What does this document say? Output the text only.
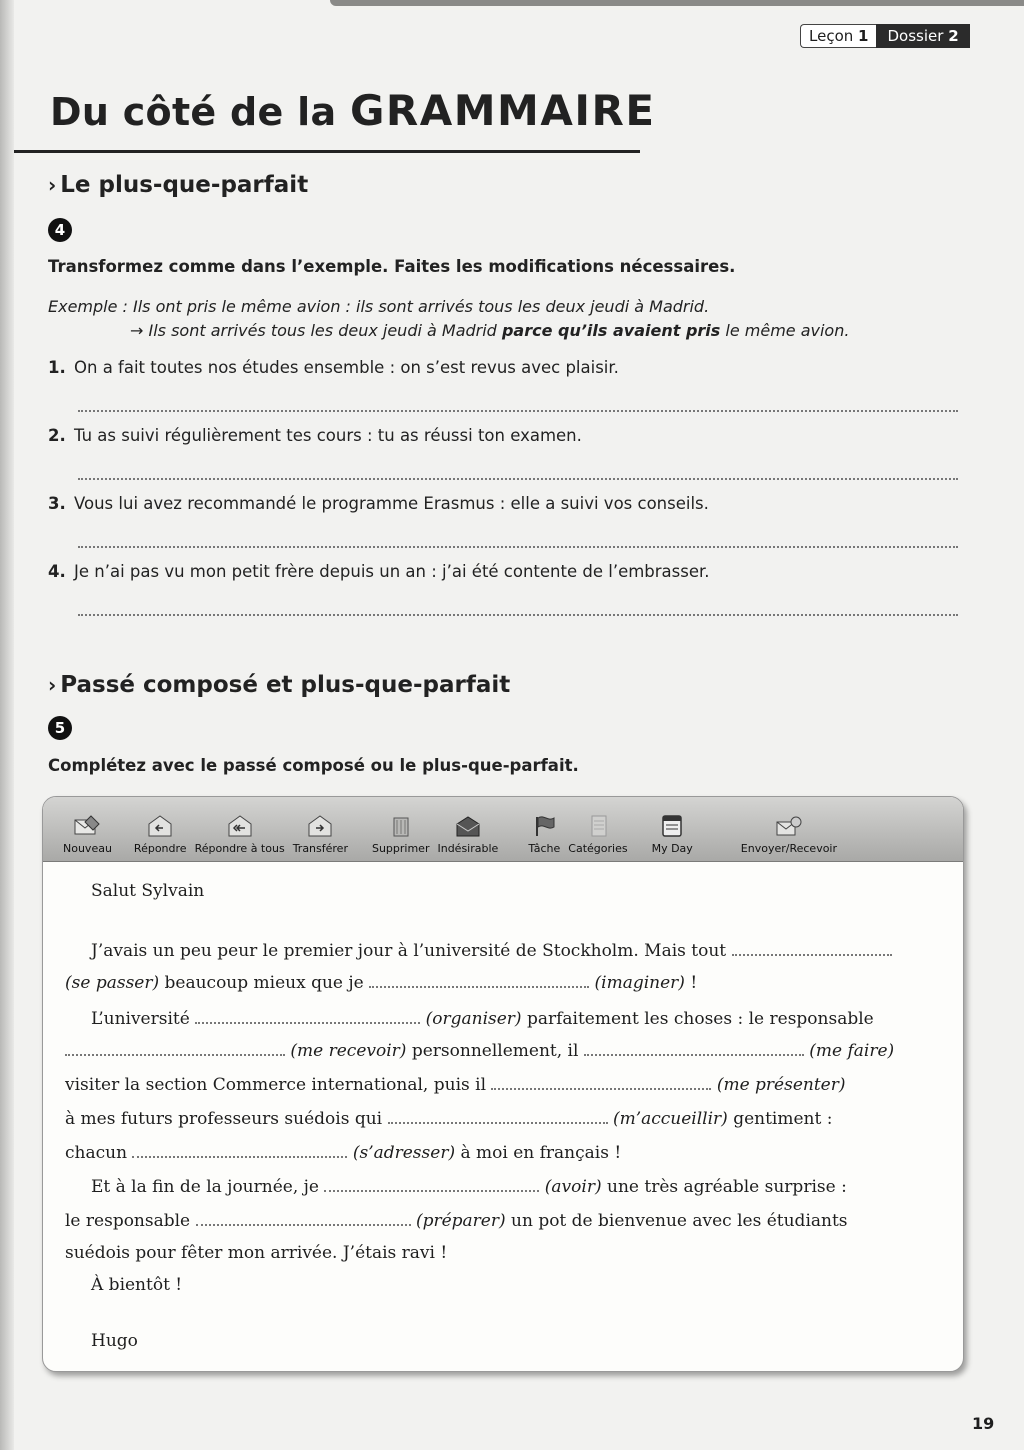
Leçon 1	Dossier 2
Du côté de la GRAMMAIRE
› Le plus-que-parfait
4
Transformez comme dans l’exemple. Faites les modifications nécessaires.
Exemple : Ils ont pris le même avion : ils sont arrivés tous les deux jeudi à Madrid.
→ Ils sont arrivés tous les deux jeudi à Madrid parce qu’ils avaient pris le même avion.
1. On a fait toutes nos études ensemble : on s’est revus avec plaisir.
2. Tu as suivi régulièrement tes cours : tu as réussi ton examen.
3. Vous lui avez recommandé le programme Erasmus : elle a suivi vos conseils.
4. Je n’ai pas vu mon petit frère depuis un an : j’ai été contente de l’embrasser.
› Passé composé et plus-que-parfait
5
Complétez avec le passé composé ou le plus-que-parfait.
Nouveau Répondre Répondre à tous Transférer Supprimer Indésirable	Tâche Catégories My Day	Envoyer/Recevoir
Salut Sylvain
J’avais un peu peur le premier jour à l’université de Stockholm. Mais tout
(se passer) beaucoup mieux que je	(imaginer) !
L’université	(organiser) parfaitement les choses : le responsable
(me recevoir) personnellement, il	(me faire)
visiter la section Commerce international, puis il	(me présenter)
à mes futurs professeurs suédois qui	(m’accueillir) gentiment :
chacun	(s’adresser) à moi en français !
Et à la fin de la journée, je	(avoir) une très agréable surprise :
le responsable	(préparer) un pot de bienvenue avec les étudiants
suédois pour fêter mon arrivée. J’étais ravi !
À bientôt !
Hugo
19
